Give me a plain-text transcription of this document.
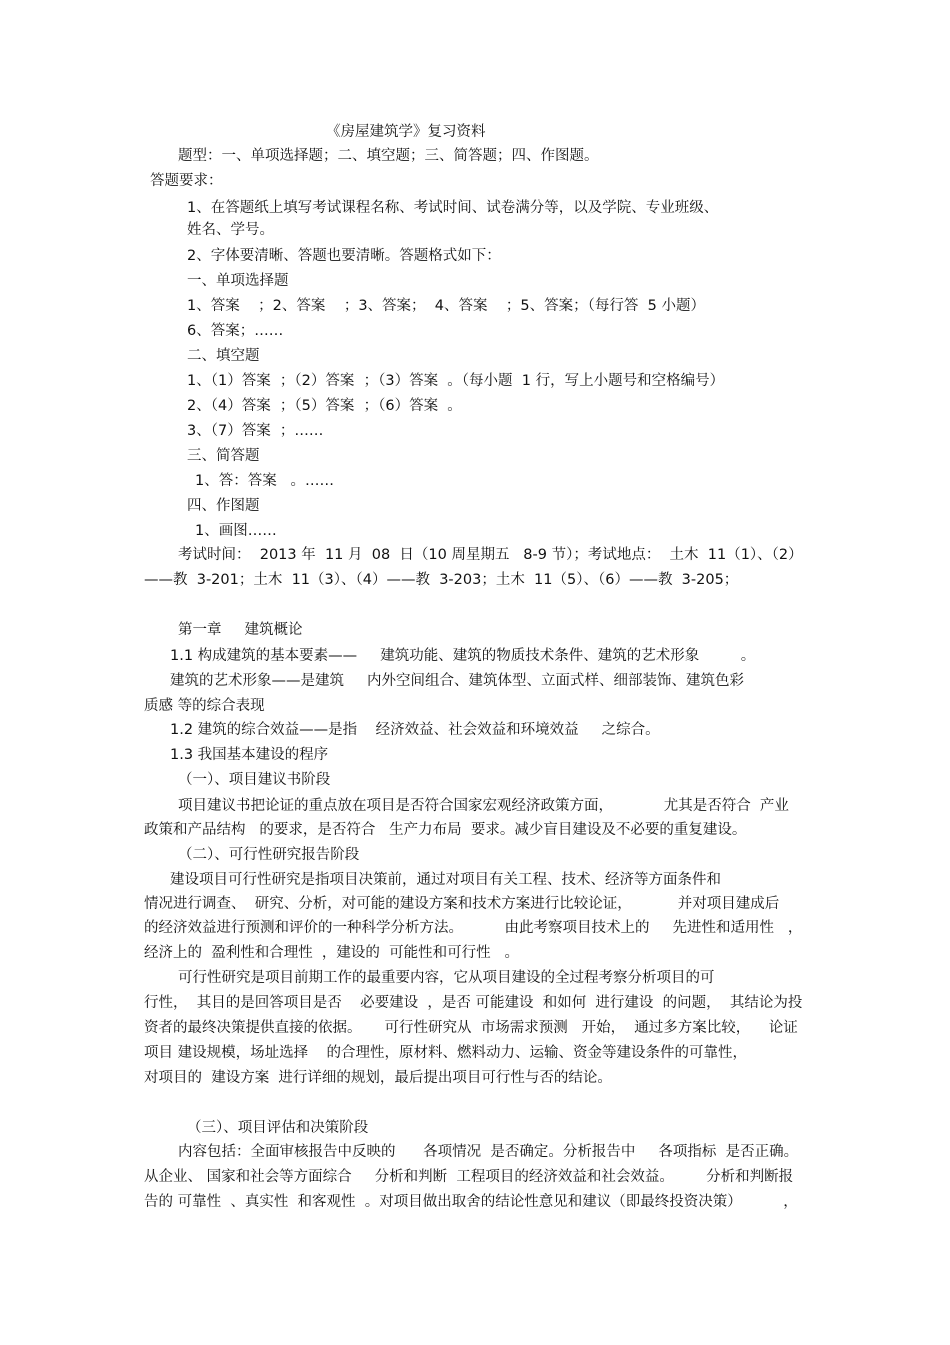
《房屋建筑学》复习资料
题型：一、单项选择题；二、填空题；三、简答题；四、作图题。
答题要求：
1、在答题纸上填写考试课程名称、考试时间、试卷满分等，以及学院、专业班级、
姓名、学号。
2、字体要清晰、答题也要清晰。答题格式如下：
一、单项选择题
1、答案    ；2、答案    ；3、答案；  4、答案    ；5、答案；（每行答  5 小题）
6、答案；……
二、填空题
1、（1）答案  ；（2）答案  ；（3）答案  。（每小题  1 行，写上小题号和空格编号）
2、（4）答案  ；（5）答案  ；（6）答案  。
3、（7）答案  ；……
三、简答题
1、答：答案   。……
四、作图题
1、画图……
考试时间：  2013 年  11 月  08  日（10 周星期五   8-9 节）；考试地点：  土木  11（1）、（2）
——教  3-201；土木  11（3）、（4）——教  3-203；土木  11（5）、（6）——教  3-205；
第一章     建筑概论
1.1 构成建筑的基本要素——     建筑功能、建筑的物质技术条件、建筑的艺术形象         。
建筑的艺术形象——是建筑     内外空间组合、建筑体型、立面式样、细部装饰、建筑色彩
质感 等的综合表现
1.2 建筑的综合效益——是指    经济效益、社会效益和环境效益     之综合。
1.3 我国基本建设的程序
（一）、项目建议书阶段
项目建议书把论证的重点放在项目是否符合国家宏观经济政策方面，           尤其是否符合  产业
政策和产品结构   的要求，是否符合   生产力布局  要求。减少盲目建设及不必要的重复建设。
（二）、可行性研究报告阶段
建设项目可行性研究是指项目决策前，通过对项目有关工程、技术、经济等方面条件和
情况进行调查、  研究、分析，对可能的建设方案和技术方案进行比较论证，          并对项目建成后
的经济效益进行预测和评价的一种科学分析方法。         由此考察项目技术上的     先进性和适用性   ，
经济上的  盈利性和合理性  ，建设的  可能性和可行性   。
可行性研究是项目前期工作的最重要内容，它从项目建设的全过程考察分析项目的可
行性，  其目的是回答项目是否    必要建设  ，是否 可能建设  和如何  进行建设  的问题，  其结论为投
资者的最终决策提供直接的依据。     可行性研究从  市场需求预测   开始，  通过多方案比较，    论证
项目 建设规模，场址选择    的合理性，原材料、燃料动力、运输、资金等建设条件的可靠性，
对项目的  建设方案  进行详细的规划，最后提出项目可行性与否的结论。
（三）、项目评估和决策阶段
内容包括：全面审核报告中反映的      各项情况  是否确定。分析报告中     各项指标  是否正确。
从企业、 国家和社会等方面综合     分析和判断  工程项目的经济效益和社会效益。       分析和判断报
告的 可靠性  、真实性  和客观性  。对项目做出取舍的结论性意见和建议（即最终投资决策）         ，
